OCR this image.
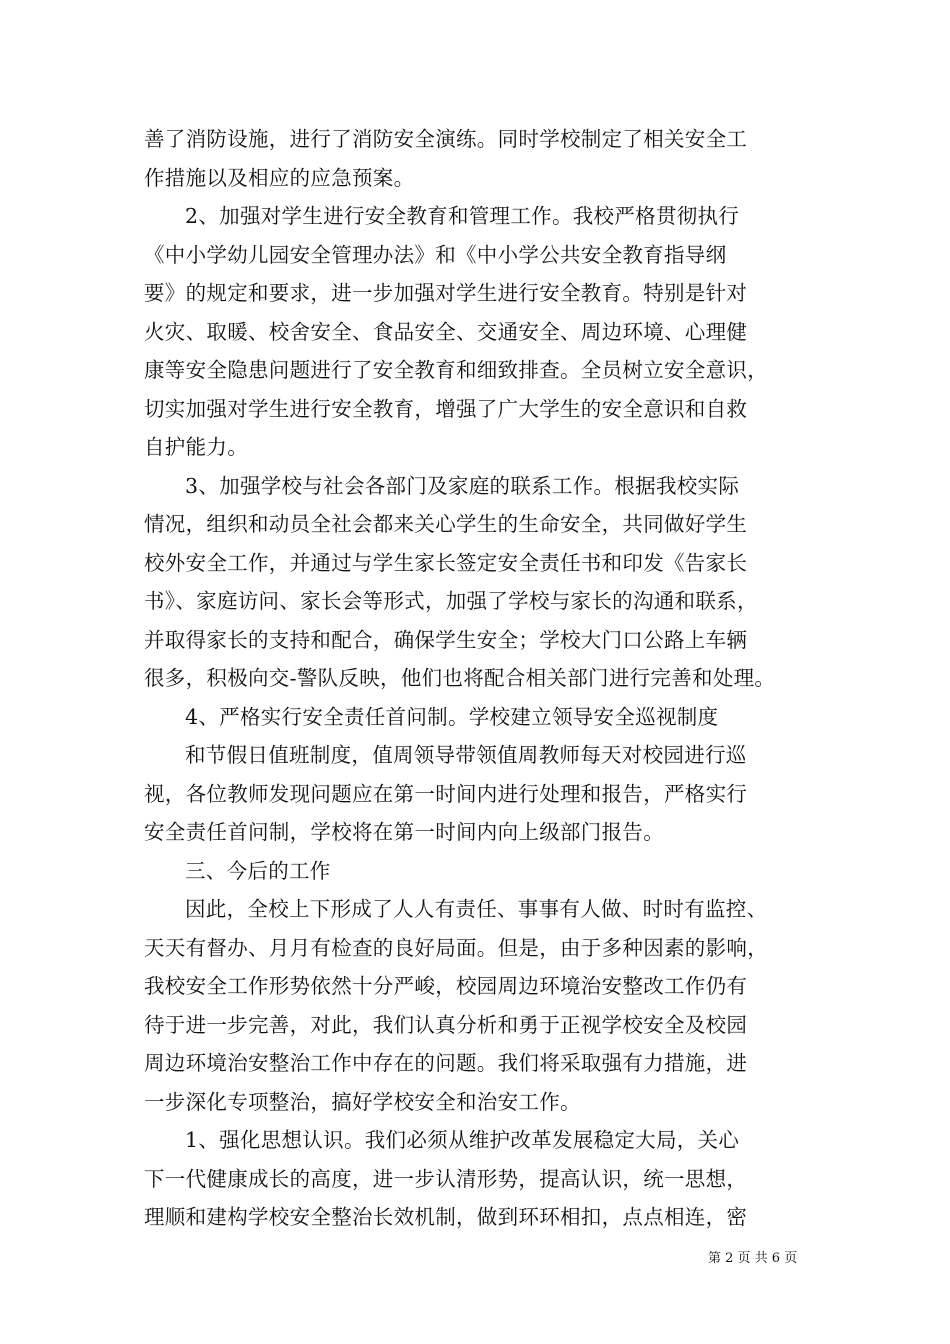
善了消防设施，进行了消防安全演练。同时学校制定了相关安全工
作措施以及相应的应急预案。
2、加强对学生进行安全教育和管理工作。我校严格贯彻执行
《中小学幼儿园安全管理办法》和《中小学公共安全教育指导纲
要》的规定和要求，进一步加强对学生进行安全教育。特别是针对
火灾、取暖、校舍安全、食品安全、交通安全、周边环境、心理健
康等安全隐患问题进行了安全教育和细致排查。全员树立安全意识，
切实加强对学生进行安全教育，增强了广大学生的安全意识和自救
自护能力。
3、加强学校与社会各部门及家庭的联系工作。根据我校实际
情况，组织和动员全社会都来关心学生的生命安全，共同做好学生
校外安全工作，并通过与学生家长签定安全责任书和印发《告家长
书》、家庭访问、家长会等形式，加强了学校与家长的沟通和联系，
并取得家长的支持和配合，确保学生安全；学校大门口公路上车辆
很多，积极向交-警队反映，他们也将配合相关部门进行完善和处理。
4、严格实行安全责任首问制。学校建立领导安全巡视制度
和节假日值班制度，值周领导带领值周教师每天对校园进行巡
视，各位教师发现问题应在第一时间内进行处理和报告，严格实行
安全责任首问制，学校将在第一时间内向上级部门报告。
三、今后的工作
因此，全校上下形成了人人有责任、事事有人做、时时有监控、
天天有督办、月月有检查的良好局面。但是，由于多种因素的影响，
我校安全工作形势依然十分严峻，校园周边环境治安整改工作仍有
待于进一步完善，对此，我们认真分析和勇于正视学校安全及校园
周边环境治安整治工作中存在的问题。我们将采取强有力措施，进
一步深化专项整治，搞好学校安全和治安工作。
1、强化思想认识。我们必须从维护改革发展稳定大局，关心
下一代健康成长的高度，进一步认清形势，提高认识，统一思想，
理顺和建构学校安全整治长效机制，做到环环相扣，点点相连，密
第 2 页 共 6 页
